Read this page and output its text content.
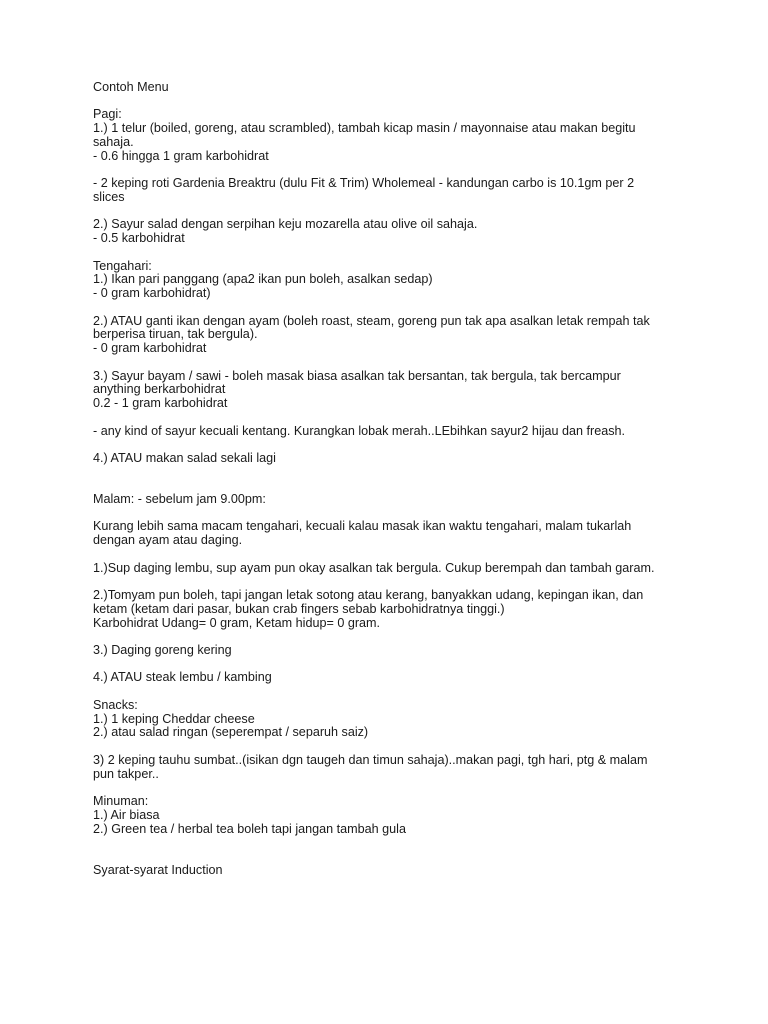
Contoh Menu
Pagi:
1.) 1 telur (boiled, goreng, atau scrambled), tambah kicap masin / mayonnaise atau makan begitu
sahaja.
- 0.6 hingga 1 gram karbohidrat
- 2 keping roti Gardenia Breaktru (dulu Fit & Trim) Wholemeal - kandungan carbo is 10.1gm per 2
slices
2.) Sayur salad dengan serpihan keju mozarella atau olive oil sahaja.
- 0.5 karbohidrat
Tengahari:
1.) Ikan pari panggang (apa2 ikan pun boleh, asalkan sedap)
- 0 gram karbohidrat)
2.) ATAU ganti ikan dengan ayam (boleh roast, steam, goreng pun tak apa asalkan letak rempah tak
berperisa tiruan, tak bergula).
- 0 gram karbohidrat
3.) Sayur bayam / sawi - boleh masak biasa asalkan tak bersantan, tak bergula, tak bercampur
anything berkarbohidrat
0.2 - 1 gram karbohidrat
- any kind of sayur kecuali kentang. Kurangkan lobak merah..LEbihkan sayur2 hijau dan freash.
4.) ATAU makan salad sekali lagi
Malam: - sebelum jam 9.00pm:
Kurang lebih sama macam tengahari, kecuali kalau masak ikan waktu tengahari, malam tukarlah
dengan ayam atau daging.
1.)Sup daging lembu, sup ayam pun okay asalkan tak bergula. Cukup berempah dan tambah garam.
2.)Tomyam pun boleh, tapi jangan letak sotong atau kerang, banyakkan udang, kepingan ikan, dan
ketam (ketam dari pasar, bukan crab fingers sebab karbohidratnya tinggi.)
Karbohidrat Udang= 0 gram, Ketam hidup= 0 gram.
3.) Daging goreng kering
4.) ATAU steak lembu / kambing
Snacks:
1.) 1 keping Cheddar cheese
2.) atau salad ringan (seperempat / separuh saiz)
3) 2 keping tauhu sumbat..(isikan dgn taugeh dan timun sahaja)..makan pagi, tgh hari, ptg & malam
pun takper..
Minuman:
1.) Air biasa
2.) Green tea / herbal tea boleh tapi jangan tambah gula
Syarat-syarat Induction
